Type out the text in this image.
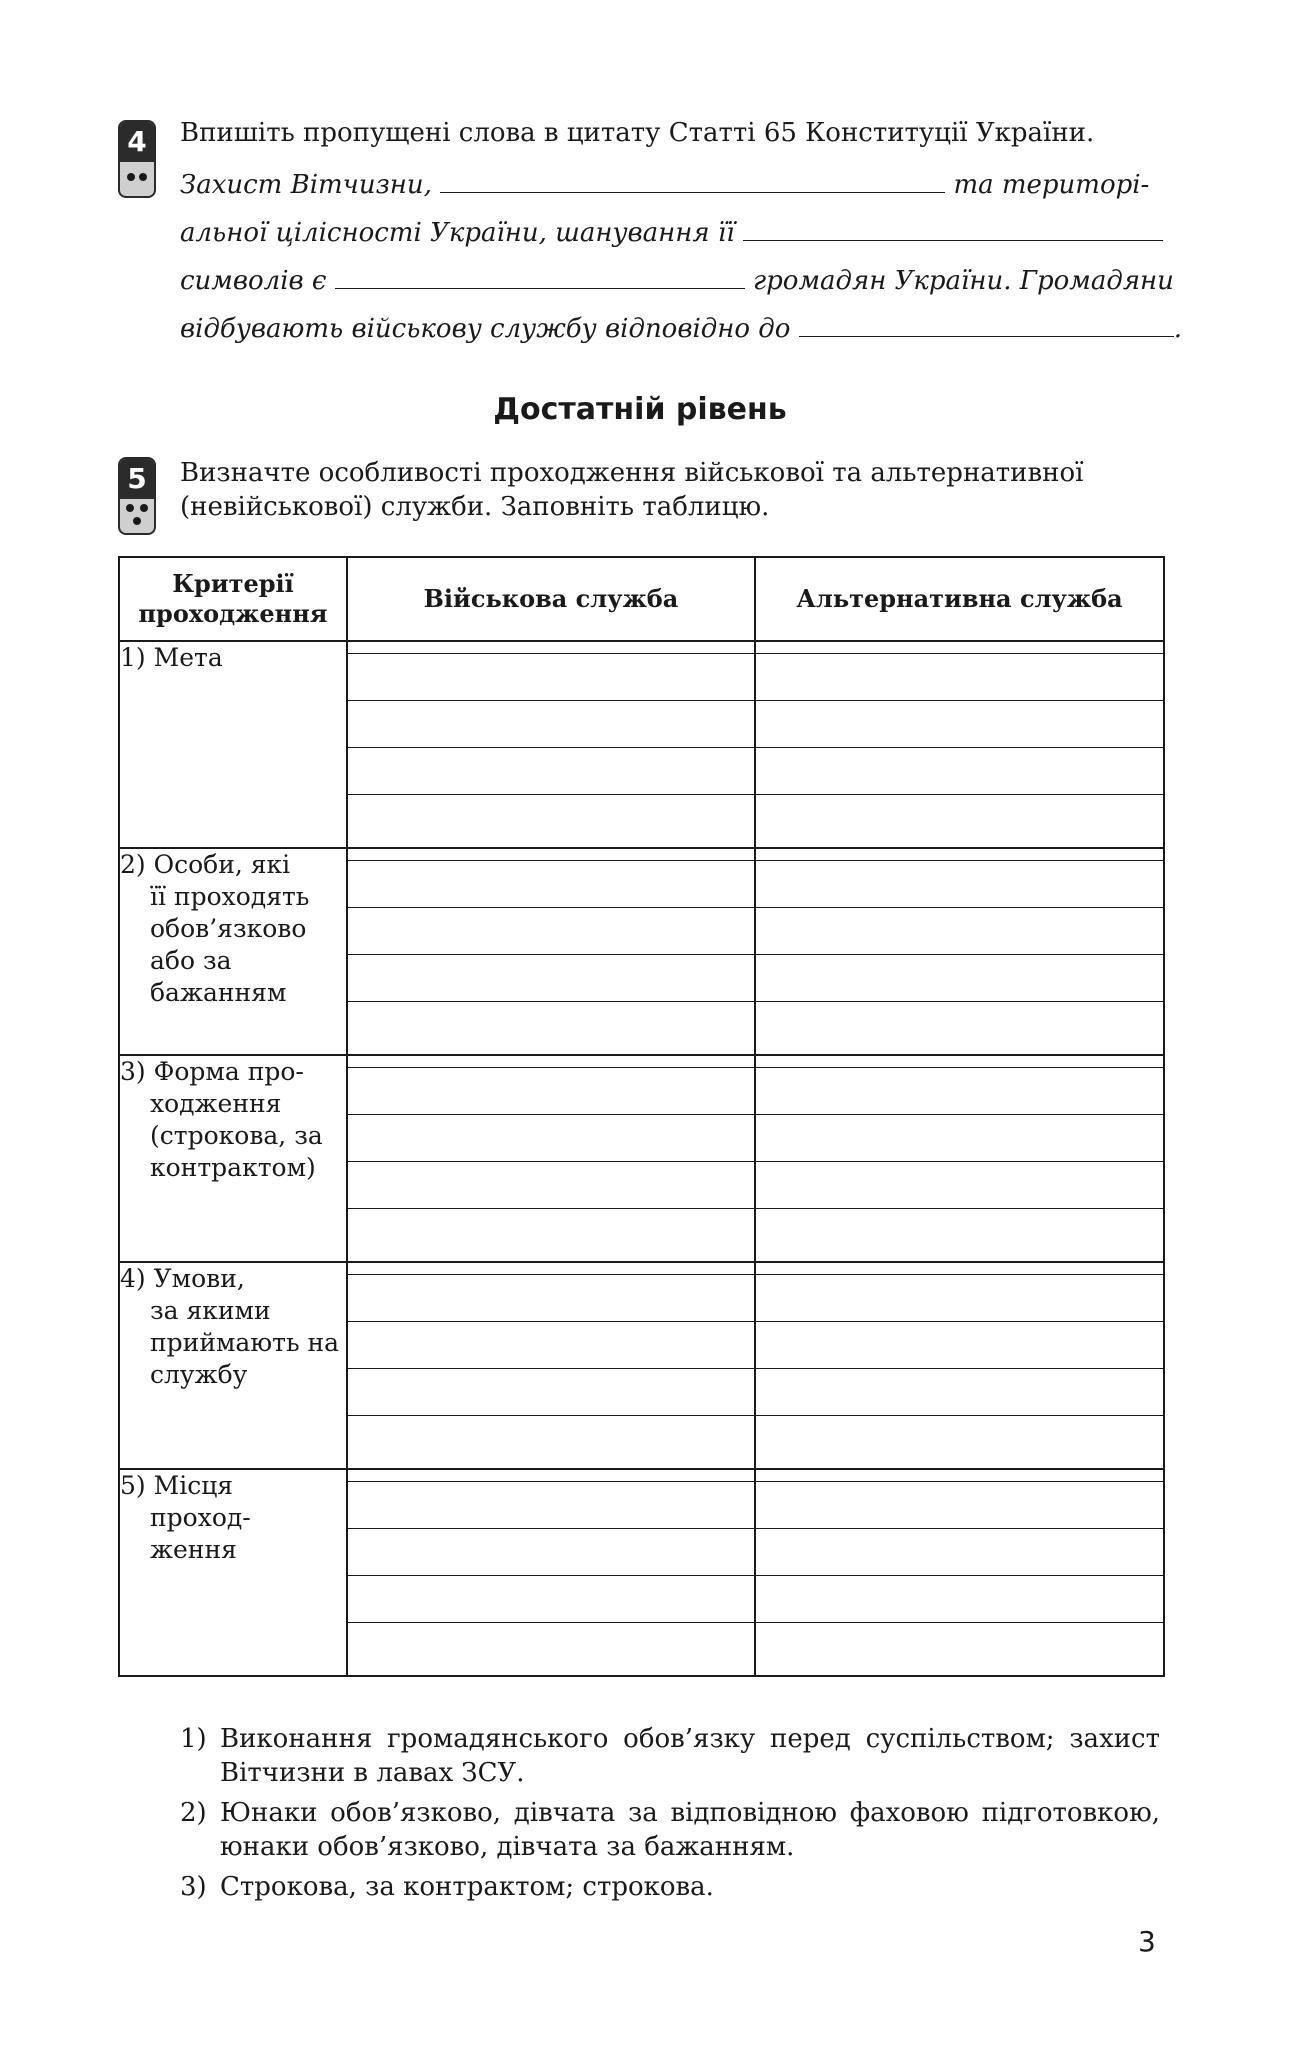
4 Впишіть пропущені слова в цитату Статті 65 Конституції України.
Захист Вітчизни,	та територі-
альної цілісності України, шанування її
символів є	громадян України. Громадяни
відбувають військову службу відповідно до	.
Достатній рівень
5 Визначте особливості проходження військової та альтернативної
(невійськової) служби. Заповніть таблицю.
Критерії проходження	Військова служба	Альтернативна служба

1) Мета		

2) Особи, які
її проходять обов’язково або за бажанням		

3) Форма про-
ходження (строкова, за контрактом)		

4) Умови,
за якими приймають на службу		

5) Місця
проход-
ження		

1) Виконання громадянського обов’язку перед суспільством; захист Вітчизни в лавах ЗСУ.
2) Юнаки обов’язково, дівчата за відповідною фаховою підготовкою, юнаки обов’язково, дівчата за бажанням.
3) Строкова, за контрактом; строкова.
3
